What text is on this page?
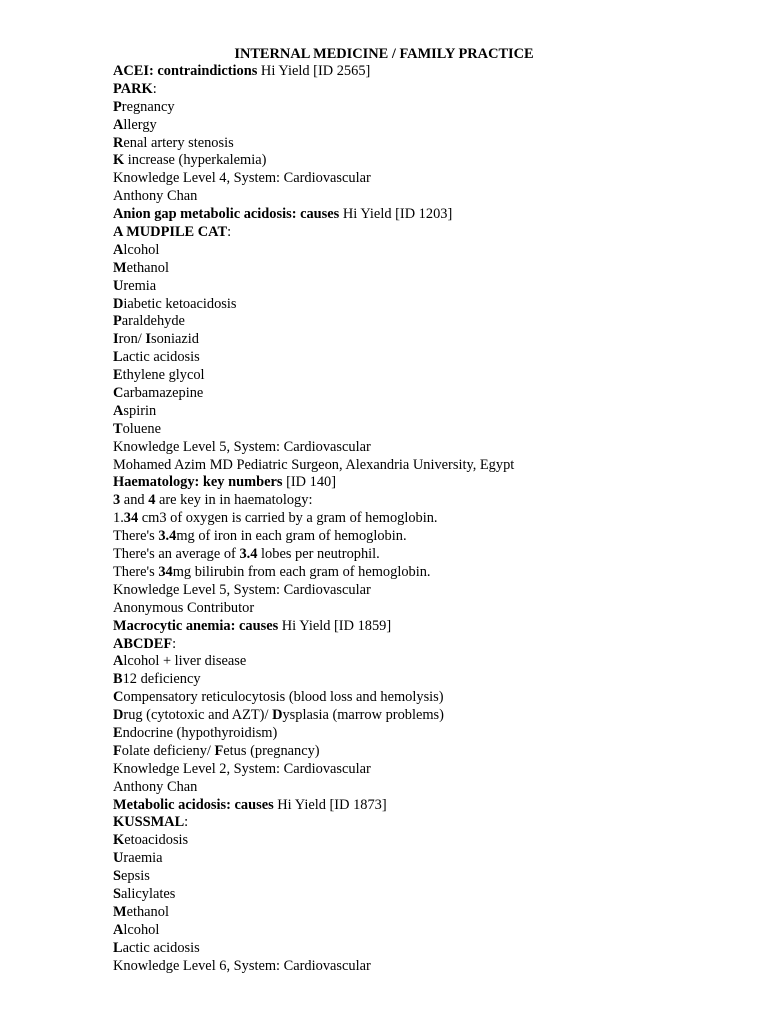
INTERNAL MEDICINE / FAMILY PRACTICE
ACEI: contraindictions Hi Yield [ID 2565]
PARK:
Pregnancy
Allergy
Renal artery stenosis
K increase (hyperkalemia)
Knowledge Level 4, System: Cardiovascular
Anthony Chan
Anion gap metabolic acidosis: causes Hi Yield [ID 1203]
A MUDPILE CAT:
Alcohol
Methanol
Uremia
Diabetic ketoacidosis
Paraldehyde
Iron/ Isoniazid
Lactic acidosis
Ethylene glycol
Carbamazepine
Aspirin
Toluene
Knowledge Level 5, System: Cardiovascular
Mohamed Azim MD Pediatric Surgeon, Alexandria University, Egypt
Haematology: key numbers [ID 140]
3 and 4 are key in in haematology:
1.34 cm3 of oxygen is carried by a gram of hemoglobin.
There's 3.4mg of iron in each gram of hemoglobin.
There's an average of 3.4 lobes per neutrophil.
There's 34mg bilirubin from each gram of hemoglobin.
Knowledge Level 5, System: Cardiovascular
Anonymous Contributor
Macrocytic anemia: causes Hi Yield [ID 1859]
ABCDEF:
Alcohol + liver disease
B12 deficiency
Compensatory reticulocytosis (blood loss and hemolysis)
Drug (cytotoxic and AZT)/ Dysplasia (marrow problems)
Endocrine (hypothyroidism)
Folate deficieny/ Fetus (pregnancy)
Knowledge Level 2, System: Cardiovascular
Anthony Chan
Metabolic acidosis: causes Hi Yield [ID 1873]
KUSSMAL:
Ketoacidosis
Uraemia
Sepsis
Salicylates
Methanol
Alcohol
Lactic acidosis
Knowledge Level 6, System: Cardiovascular
